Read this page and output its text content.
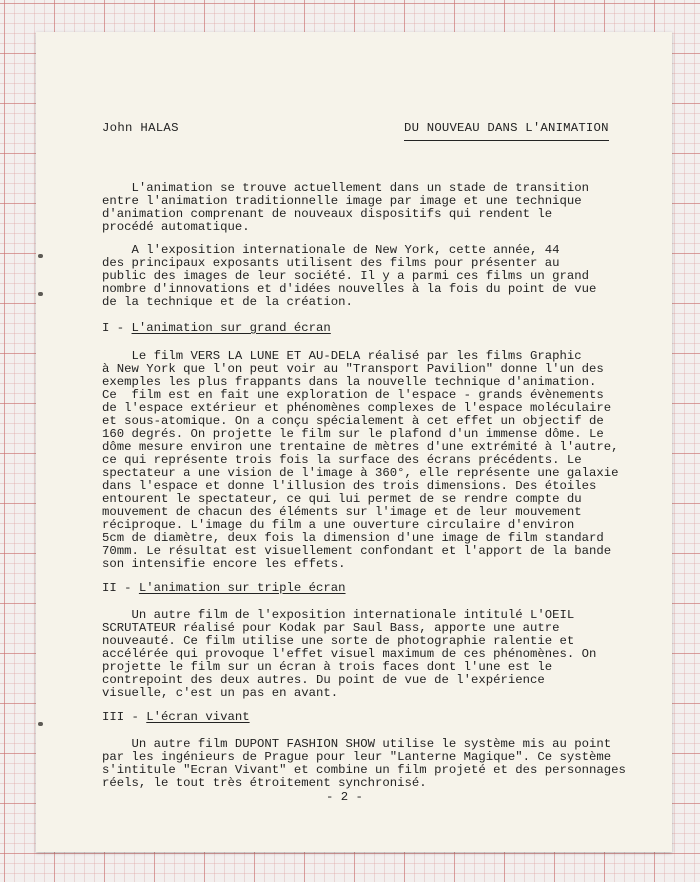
John HALAS	DU NOUVEAU DANS L'ANIMATION

L'animation se trouve actuellement dans un stade de transition
entre l'animation traditionnelle image par image et une technique
d'animation comprenant de nouveaux dispositifs qui rendent le
procédé automatique.

A l'exposition internationale de New York, cette année, 44
des principaux exposants utilisent des films pour présenter au
public des images de leur société. Il y a parmi ces films un grand
nombre d'innovations et d'idées nouvelles à la fois du point de vue
de la technique et de la création.

I - L'animation sur grand écran

Le film VERS LA LUNE ET AU-DELA réalisé par les films Graphic
à New York que l'on peut voir au "Transport Pavilion" donne l'un des
exemples les plus frappants dans la nouvelle technique d'animation.
Ce  film est en fait une exploration de l'espace - grands évènements
de l'espace extérieur et phénomènes complexes de l'espace moléculaire
et sous-atomique. On a conçu spécialement à cet effet un objectif de
160 degrés. On projette le film sur le plafond d'un immense dôme. Le
dôme mesure environ une trentaine de mètres d'une extrémité à l'autre,
ce qui représente trois fois la surface des écrans précédents. Le
spectateur a une vision de l'image à 360°, elle représente une galaxie
dans l'espace et donne l'illusion des trois dimensions. Des étoiles
entourent le spectateur, ce qui lui permet de se rendre compte du
mouvement de chacun des éléments sur l'image et de leur mouvement
réciproque. L'image du film a une ouverture circulaire d'environ
5cm de diamètre, deux fois la dimension d'une image de film standard
70mm. Le résultat est visuellement confondant et l'apport de la bande
son intensifie encore les effets.

II - L'animation sur triple écran

Un autre film de l'exposition internationale intitulé L'OEIL
SCRUTATEUR réalisé pour Kodak par Saul Bass, apporte une autre
nouveauté. Ce film utilise une sorte de photographie ralentie et
accélérée qui provoque l'effet visuel maximum de ces phénomènes. On
projette le film sur un écran à trois faces dont l'une est le
contrepoint des deux autres. Du point de vue de l'expérience
visuelle, c'est un pas en avant.

III - L'écran vivant

Un autre film DUPONT FASHION SHOW utilise le système mis au point
par les ingénieurs de Prague pour leur "Lanterne Magique". Ce système
s'intitule "Ecran Vivant" et combine un film projeté et des personnages
réels, le tout très étroitement synchronisé.

- 2 -
